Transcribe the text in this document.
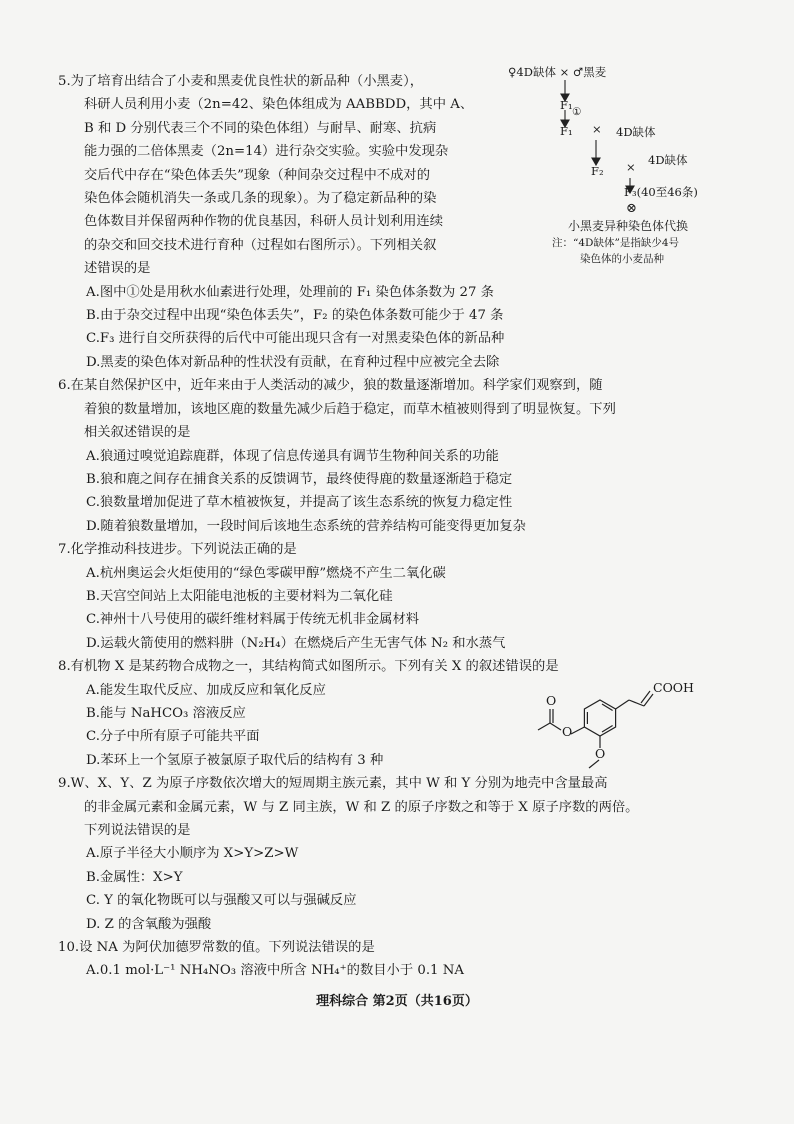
5.为了培育出结合了小麦和黑麦优良性状的新品种（小黑麦），
科研人员利用小麦（2n=42、染色体组成为 AABBDD，其中 A、
B 和 D 分别代表三个不同的染色体组）与耐旱、耐寒、抗病
能力强的二倍体黑麦（2n=14）进行杂交实验。实验中发现杂
交后代中存在“染色体丢失”现象（种间杂交过程中不成对的
染色体会随机消失一条或几条的现象）。为了稳定新品种的染
色体数目并保留两种作物的优良基因，科研人员计划利用连续
的杂交和回交技术进行育种（过程如右图所示）。下列相关叙
述错误的是
A.图中①处是用秋水仙素进行处理，处理前的 F₁ 染色体条数为 27 条
B.由于杂交过程中出现“染色体丢失”，F₂ 的染色体条数可能少于 47 条
C.F₃ 进行自交所获得的后代中可能出现只含有一对黑麦染色体的新品种
D.黑麦的染色体对新品种的性状没有贡献，在育种过程中应被完全去除
6.在某自然保护区中，近年来由于人类活动的减少，狼的数量逐渐增加。科学家们观察到，随
着狼的数量增加，该地区鹿的数量先减少后趋于稳定，而草木植被则得到了明显恢复。下列
相关叙述错误的是
A.狼通过嗅觉追踪鹿群，体现了信息传递具有调节生物种间关系的功能
B.狼和鹿之间存在捕食关系的反馈调节，最终使得鹿的数量逐渐趋于稳定
C.狼数量增加促进了草木植被恢复，并提高了该生态系统的恢复力稳定性
D.随着狼数量增加，一段时间后该地生态系统的营养结构可能变得更加复杂
7.化学推动科技进步。下列说法正确的是
A.杭州奥运会火炬使用的“绿色零碳甲醇”燃烧不产生二氧化碳
B.天宫空间站上太阳能电池板的主要材料为二氧化硅
C.神州十八号使用的碳纤维材料属于传统无机非金属材料
D.运载火箭使用的燃料肼（N₂H₄）在燃烧后产生无害气体 N₂ 和水蒸气
8.有机物 X 是某药物合成物之一，其结构简式如图所示。下列有关 X 的叙述错误的是
A.能发生取代反应、加成反应和氧化反应
B.能与 NaHCO₃ 溶液反应
C.分子中所有原子可能共平面
D.苯环上一个氢原子被氯原子取代后的结构有 3 种
9.W、X、Y、Z 为原子序数依次增大的短周期主族元素，其中 W 和 Y 分别为地壳中含量最高
的非金属元素和金属元素，W 与 Z 同主族，W 和 Z 的原子序数之和等于 X 原子序数的两倍。
下列说法错误的是
A.原子半径大小顺序为 X>Y>Z>W
B.金属性：X>Y
C. Y 的氧化物既可以与强酸又可以与强碱反应
D. Z 的含氧酸为强酸
10.设 NA 为阿伏加德罗常数的值。下列说法错误的是
A.0.1 mol·L⁻¹ NH₄NO₃ 溶液中所含 NH₄⁺的数目小于 0.1 NA
♀4D缺体 × ♂黑麦
F₁ ①
F₁ × 4D缺体
F₂ × 4D缺体
F₃(40至46条)
⊗
小黑麦异种染色体代换
注：“4D缺体”是指缺少4号
染色体的小麦品种
COOH
O
O
O
理科综合 第2页（共16页）
